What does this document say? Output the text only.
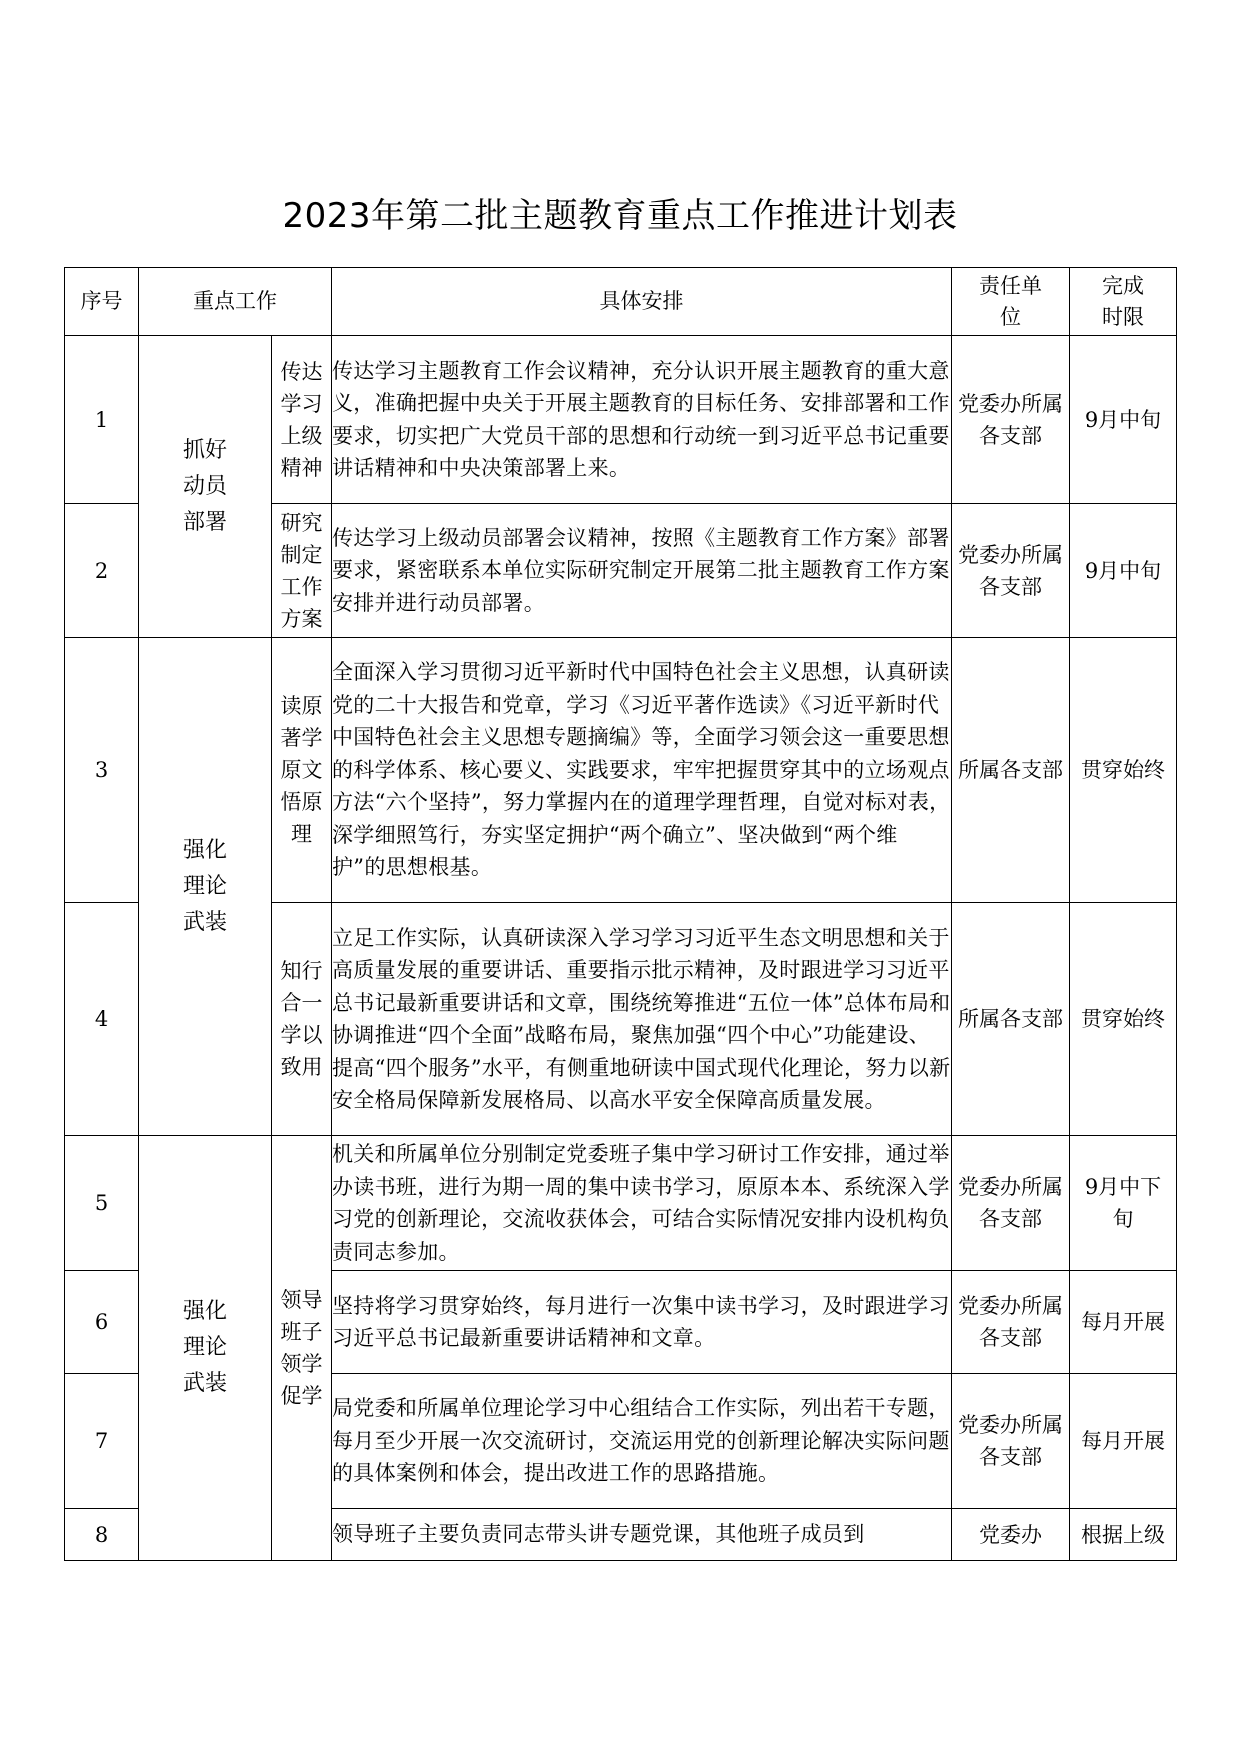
2023年第二批主题教育重点工作推进计划表
序号	重点工作		具体安排	责任单位	完成时限
1	抓好动员部署	传达学习上级精神	传达学习主题教育工作会议精神，充分认识开展主题教育的重大意义，准确把握中央关于开展主题教育的目标任务、安排部署和工作要求，切实把广大党员干部的思想和行动统一到习近平总书记重要讲话精神和中央决策部署上来。	党委办所属各支部	9月中旬
2		研究制定工作方案	传达学习上级动员部署会议精神，按照《主题教育工作方案》部署要求，紧密联系本单位实际研究制定开展第二批主题教育工作方案安排并进行动员部署。	党委办所属各支部	9月中旬
3	强化理论武装	读原著学原文悟原理	全面深入学习贯彻习近平新时代中国特色社会主义思想，认真研读党的二十大报告和党章，学习《习近平著作选读》《习近平新时代中国特色社会主义思想专题摘编》等，全面学习领会这一重要思想的科学体系、核心要义、实践要求，牢牢把握贯穿其中的立场观点方法“六个坚持”，努力掌握内在的道理学理哲理，自觉对标对表，深学细照笃行，夯实坚定拥护“两个确立”、坚决做到“两个维护”的思想根基。	所属各支部	贯穿始终
4		知行合一学以致用	立足工作实际，认真研读深入学习学习习近平生态文明思想和关于高质量发展的重要讲话、重要指示批示精神，及时跟进学习习近平总书记最新重要讲话和文章，围绕统筹推进“五位一体”总体布局和协调推进“四个全面”战略布局，聚焦加强“四个中心”功能建设、提高“四个服务”水平，有侧重地研读中国式现代化理论，努力以新安全格局保障新发展格局、以高水平安全保障高质量发展。	所属各支部	贯穿始终
5	强化理论武装	领导班子领学促学	机关和所属单位分别制定党委班子集中学习研讨工作安排，通过举办读书班，进行为期一周的集中读书学习，原原本本、系统深入学习党的创新理论，交流收获体会，可结合实际情况安排内设机构负责同志参加。	党委办所属各支部	9月中下旬
6			坚持将学习贯穿始终，每月进行一次集中读书学习，及时跟进学习习近平总书记最新重要讲话精神和文章。	党委办所属各支部	每月开展
7			局党委和所属单位理论学习中心组结合工作实际，列出若干专题，每月至少开展一次交流研讨，交流运用党的创新理论解决实际问题的具体案例和体会，提出改进工作的思路措施。	党委办所属各支部	每月开展
8			领导班子主要负责同志带头讲专题党课，其他班子成员到	党委办	根据上级
